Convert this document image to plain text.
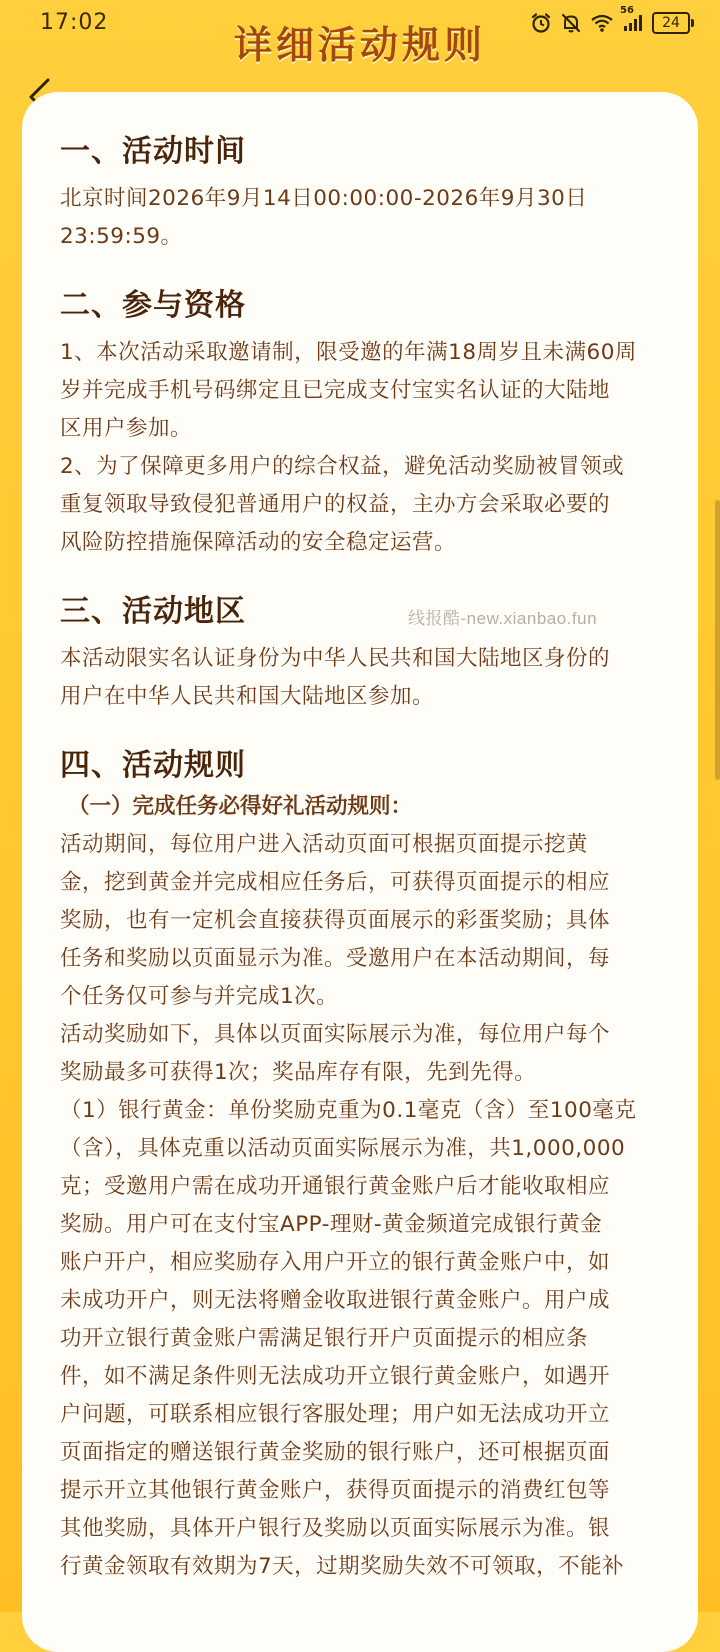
17:02	56
24
详细活动规则
一、活动时间

北京时间2026年9月14日00:00:00-2026年9月30日

23:59:59。

二、参与资格

1、本次活动采取邀请制，限受邀的年满18周岁且未满60周

岁并完成手机号码绑定且已完成支付宝实名认证的大陆地

区用户参加。

2、为了保障更多用户的综合权益，避免活动奖励被冒领或

重复领取导致侵犯普通用户的权益，主办方会采取必要的

风险防控措施保障活动的安全稳定运营。

三、活动地区

本活动限实名认证身份为中华人民共和国大陆地区身份的

用户在中华人民共和国大陆地区参加。

四、活动规则

（一）完成任务必得好礼活动规则：

活动期间，每位用户进入活动页面可根据页面提示挖黄

金，挖到黄金并完成相应任务后，可获得页面提示的相应

奖励，也有一定机会直接获得页面展示的彩蛋奖励；具体

任务和奖励以页面显示为准。受邀用户在本活动期间，每

个任务仅可参与并完成1次。

活动奖励如下，具体以页面实际展示为准，每位用户每个

奖励最多可获得1次；奖品库存有限，先到先得。

（1）银行黄金：单份奖励克重为0.1毫克（含）至100毫克

（含），具体克重以活动页面实际展示为准，共1,000,000

克；受邀用户需在成功开通银行黄金账户后才能收取相应

奖励。用户可在支付宝APP-理财-黄金频道完成银行黄金

账户开户，相应奖励存入用户开立的银行黄金账户中，如

未成功开户，则无法将赠金收取进银行黄金账户。用户成

功开立银行黄金账户需满足银行开户页面提示的相应条

件，如不满足条件则无法成功开立银行黄金账户，如遇开

户问题，可联系相应银行客服处理；用户如无法成功开立

页面指定的赠送银行黄金奖励的银行账户，还可根据页面

提示开立其他银行黄金账户，获得页面提示的消费红包等

其他奖励，具体开户银行及奖励以页面实际展示为准。银

行黄金领取有效期为7天，过期奖励失效不可领取，不能补

线报酷-new.xianbao.fun
